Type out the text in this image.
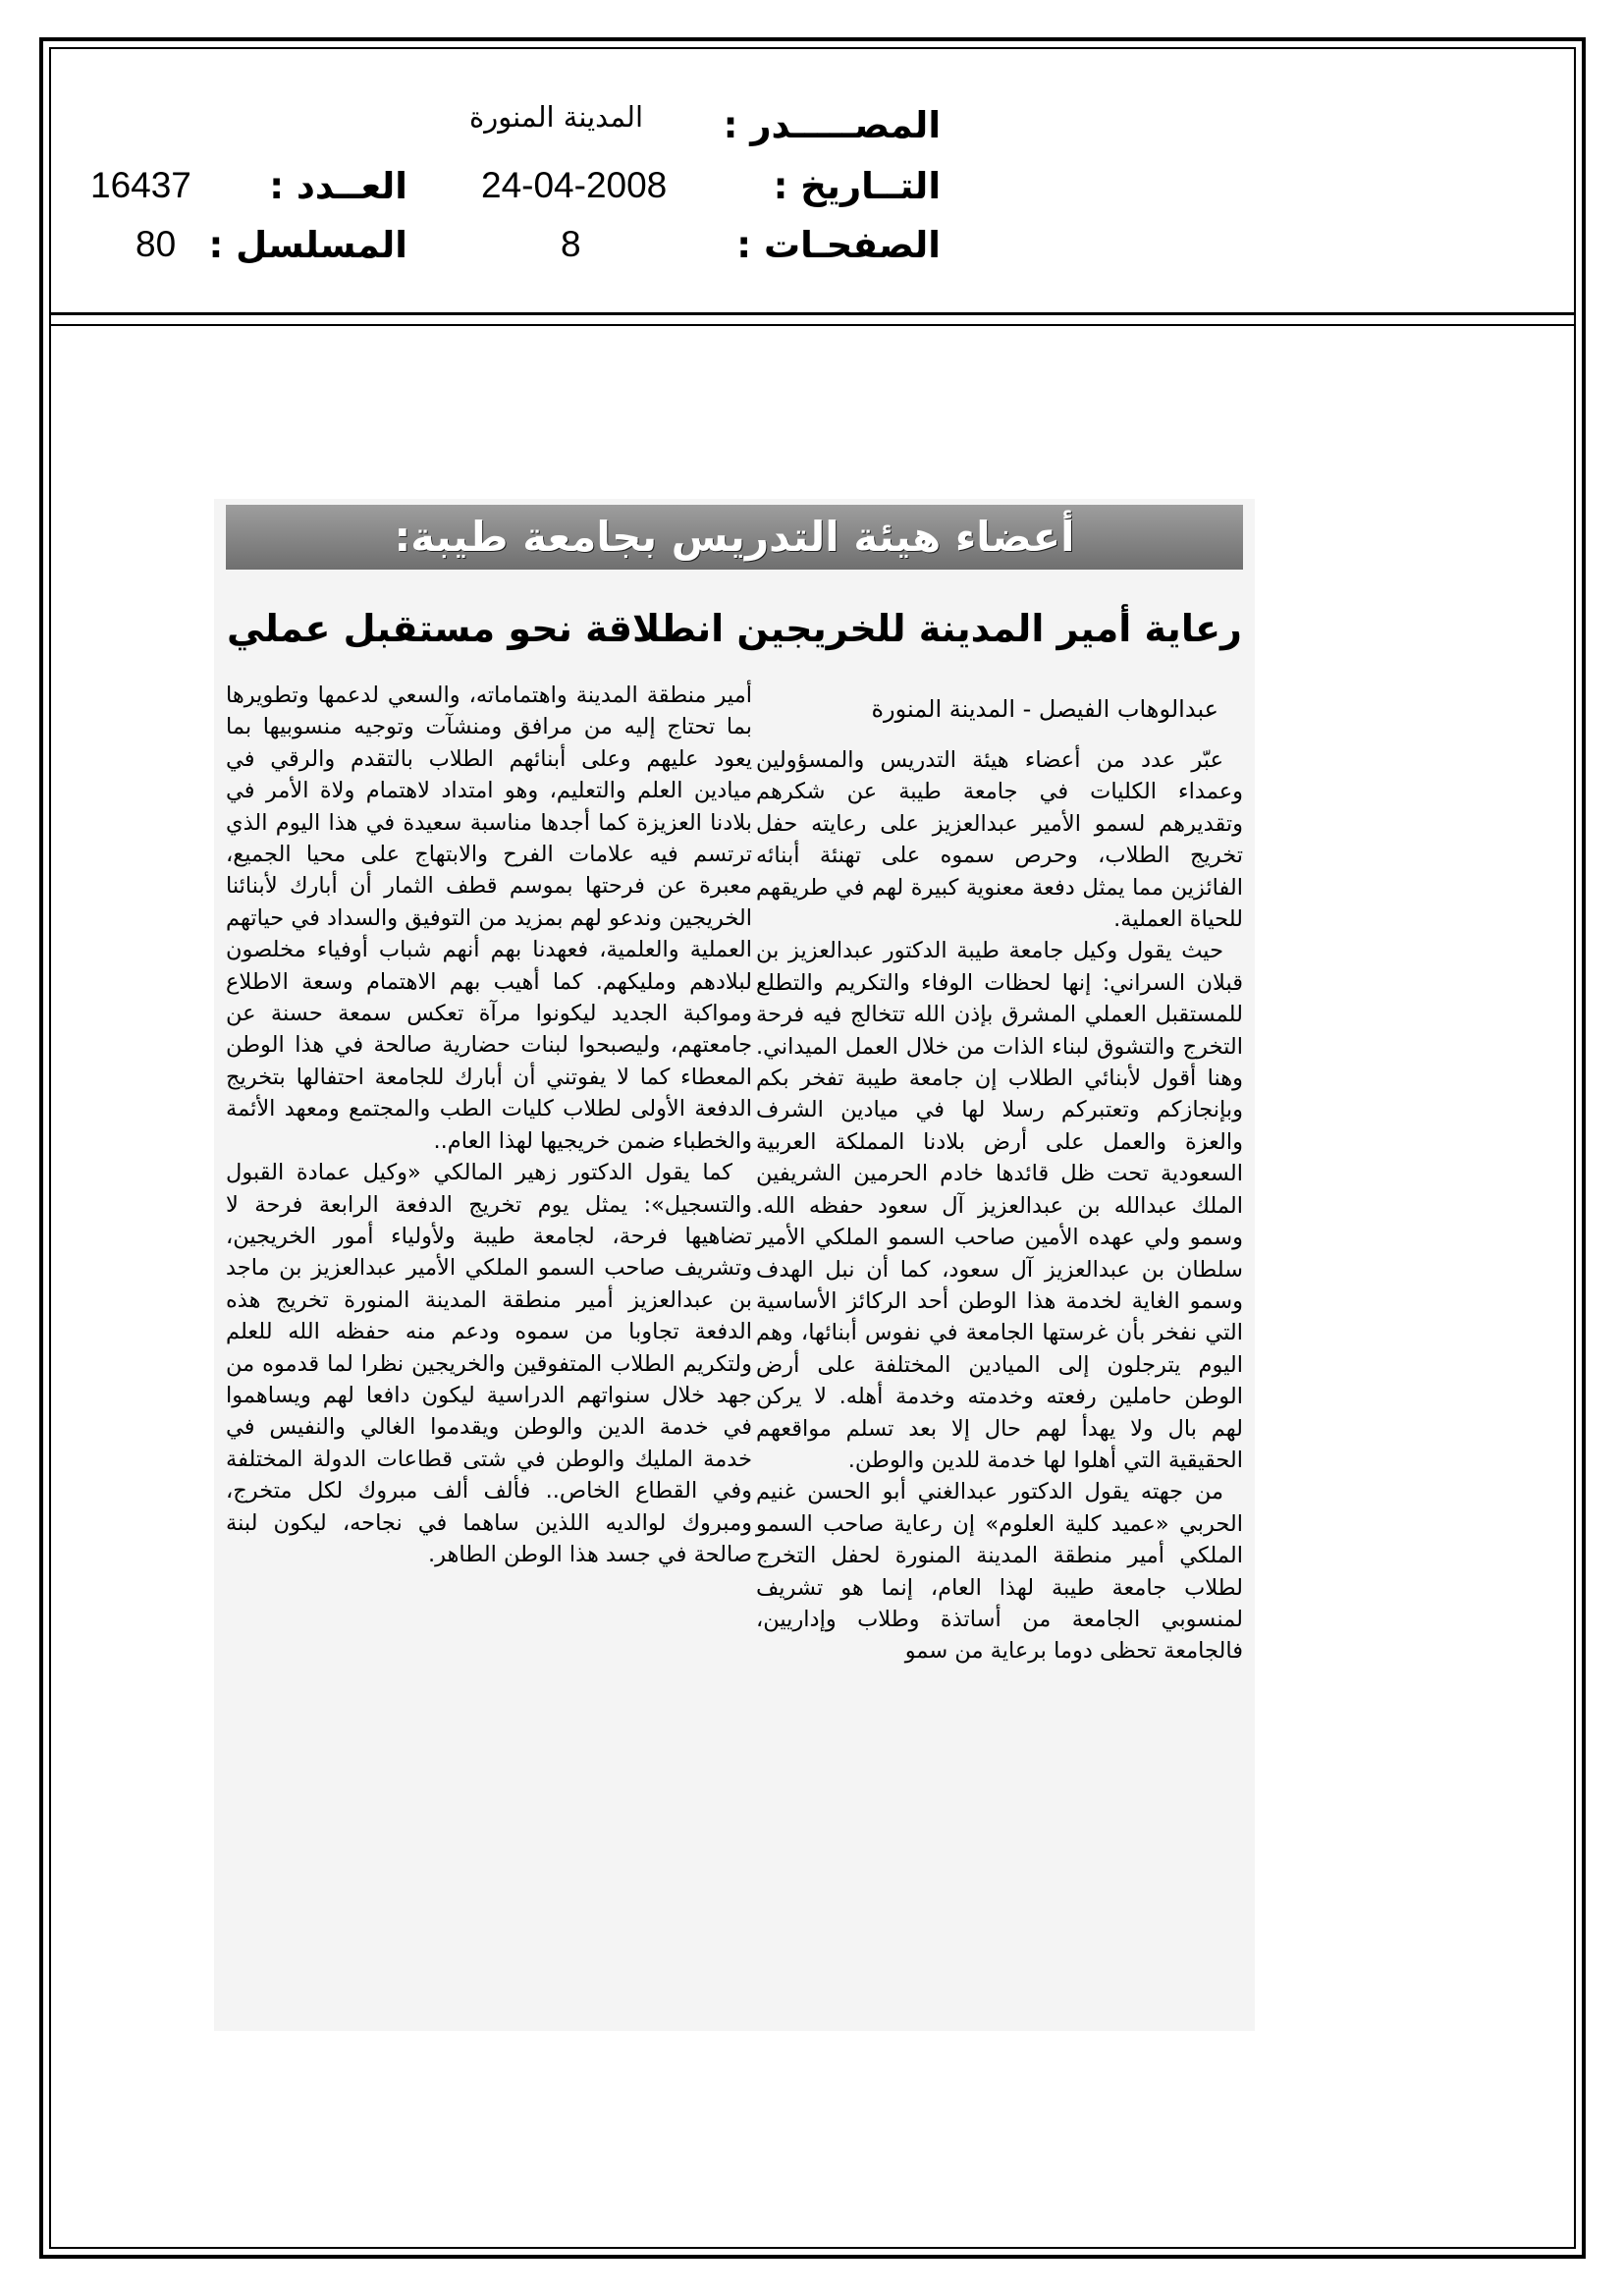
المصـــــدر :
المدينة المنورة
التــاريخ :
24-04-2008
العــدد :
16437
الصفحـات :
8
المسلسل :
80
أعضاء هيئة التدريس بجامعة طيبة:
رعاية أمير المدينة للخريجين انطلاقة نحو مستقبل عملي
عبدالوهاب الفيصل - المدينة المنورة

عبّر عدد من أعضاء هيئة التدريس والمسؤولين وعمداء الكليات في جامعة طيبة عن شكرهم وتقديرهم لسمو الأمير عبدالعزيز على رعايته حفل تخريج الطلاب، وحرص سموه على تهنئة أبنائه الفائزين مما يمثل دفعة معنوية كبيرة لهم في طريقهم للحياة العملية.

حيث يقول وكيل جامعة طيبة الدكتور عبدالعزيز بن قبلان السراني: إنها لحظات الوفاء والتكريم والتطلع للمستقبل العملي المشرق بإذن الله تتخالج فيه فرحة التخرج والتشوق لبناء الذات من خلال العمل الميداني. وهنا أقول لأبنائي الطلاب إن جامعة طيبة تفخر بكم وبإنجازكم وتعتبركم رسلا لها في ميادين الشرف والعزة والعمل على أرض بلادنا المملكة العربية السعودية تحت ظل قائدها خادم الحرمين الشريفين الملك عبدالله بن عبدالعزيز آل سعود حفظه الله. وسمو ولي عهده الأمين صاحب السمو الملكي الأمير سلطان بن عبدالعزيز آل سعود، كما أن نبل الهدف وسمو الغاية لخدمة هذا الوطن أحد الركائز الأساسية التي نفخر بأن غرستها الجامعة في نفوس أبنائها، وهم اليوم يترجلون إلى الميادين المختلفة على أرض الوطن حاملين رفعته وخدمته وخدمة أهله. لا يركن لهم بال ولا يهدأ لهم حال إلا بعد تسلم مواقعهم الحقيقية التي أهلوا لها خدمة للدين والوطن.

من جهته يقول الدكتور عبدالغني أبو الحسن غنيم الحربي «عميد كلية العلوم» إن رعاية صاحب السمو الملكي أمير منطقة المدينة المنورة لحفل التخرج لطلاب جامعة طيبة لهذا العام، إنما هو تشريف لمنسوبي الجامعة من أساتذة وطلاب وإداريين، فالجامعة تحظى دوما برعاية من سمو

أمير منطقة المدينة واهتماماته، والسعي لدعمها وتطويرها بما تحتاج إليه من مرافق ومنشآت وتوجيه منسوبيها بما يعود عليهم وعلى أبنائهم الطلاب بالتقدم والرقي في ميادين العلم والتعليم، وهو امتداد لاهتمام ولاة الأمر في بلادنا العزيزة كما أجدها مناسبة سعيدة في هذا اليوم الذي ترتسم فيه علامات الفرح والابتهاج على محيا الجميع، معبرة عن فرحتها بموسم قطف الثمار أن أبارك لأبنائنا الخريجين وندعو لهم بمزيد من التوفيق والسداد في حياتهم العملية والعلمية، فعهدنا بهم أنهم شباب أوفياء مخلصون لبلادهم ومليكهم. كما أهيب بهم الاهتمام وسعة الاطلاع ومواكبة الجديد ليكونوا مرآة تعكس سمعة حسنة عن جامعتهم، وليصبحوا لبنات حضارية صالحة في هذا الوطن المعطاء كما لا يفوتني أن أبارك للجامعة احتفالها بتخريج الدفعة الأولى لطلاب كليات الطب والمجتمع ومعهد الأئمة والخطباء ضمن خريجيها لهذا العام..

كما يقول الدكتور زهير المالكي «وكيل عمادة القبول والتسجيل»: يمثل يوم تخريج الدفعة الرابعة فرحة لا تضاهيها فرحة، لجامعة طيبة ولأولياء أمور الخريجين، وتشريف صاحب السمو الملكي الأمير عبدالعزيز بن ماجد بن عبدالعزيز أمير منطقة المدينة المنورة تخريج هذه الدفعة تجاوبا من سموه ودعم منه حفظه الله للعلم ولتكريم الطلاب المتفوقين والخريجين نظرا لما قدموه من جهد خلال سنواتهم الدراسية ليكون دافعا لهم ويساهموا في خدمة الدين والوطن ويقدموا الغالي والنفيس في خدمة المليك والوطن في شتى قطاعات الدولة المختلفة وفي القطاع الخاص.. فألف ألف مبروك لكل متخرج، ومبروك لوالديه اللذين ساهما في نجاحه، ليكون لبنة صالحة في جسد هذا الوطن الطاهر.
